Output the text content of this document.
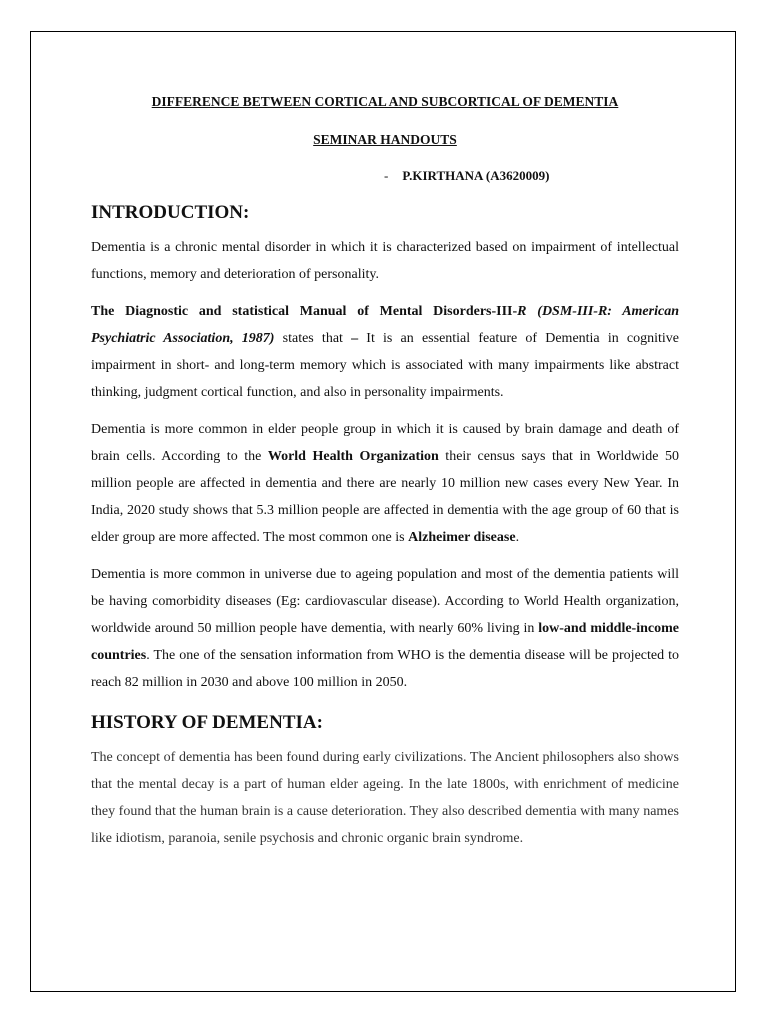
DIFFERENCE BETWEEN CORTICAL AND SUBCORTICAL OF DEMENTIA
SEMINAR HANDOUTS
- P.KIRTHANA (A3620009)
INTRODUCTION:

Dementia is a chronic mental disorder in which it is characterized based on impairment of intellectual functions, memory and deterioration of personality.

The Diagnostic and statistical Manual of Mental Disorders-III-R (DSM-III-R: American Psychiatric Association, 1987) states that – It is an essential feature of Dementia in cognitive impairment in short- and long-term memory which is associated with many impairments like abstract thinking, judgment cortical function, and also in personality impairments.

Dementia is more common in elder people group in which it is caused by brain damage and death of brain cells. According to the World Health Organization their census says that in Worldwide 50 million people are affected in dementia and there are nearly 10 million new cases every New Year. In India, 2020 study shows that 5.3 million people are affected in dementia with the age group of 60 that is elder group are more affected. The most common one is Alzheimer disease.

Dementia is more common in universe due to ageing population and most of the dementia patients will be having comorbidity diseases (Eg: cardiovascular disease). According to World Health organization, worldwide around 50 million people have dementia, with nearly 60% living in low-and middle-income countries. The one of the sensation information from WHO is the dementia disease will be projected to reach 82 million in 2030 and above 100 million in 2050.

HISTORY OF DEMENTIA:

The concept of dementia has been found during early civilizations. The Ancient philosophers also shows that the mental decay is a part of human elder ageing. In the late 1800s, with enrichment of medicine they found that the human brain is a cause deterioration. They also described dementia with many names like idiotism, paranoia, senile psychosis and chronic organic brain syndrome.
